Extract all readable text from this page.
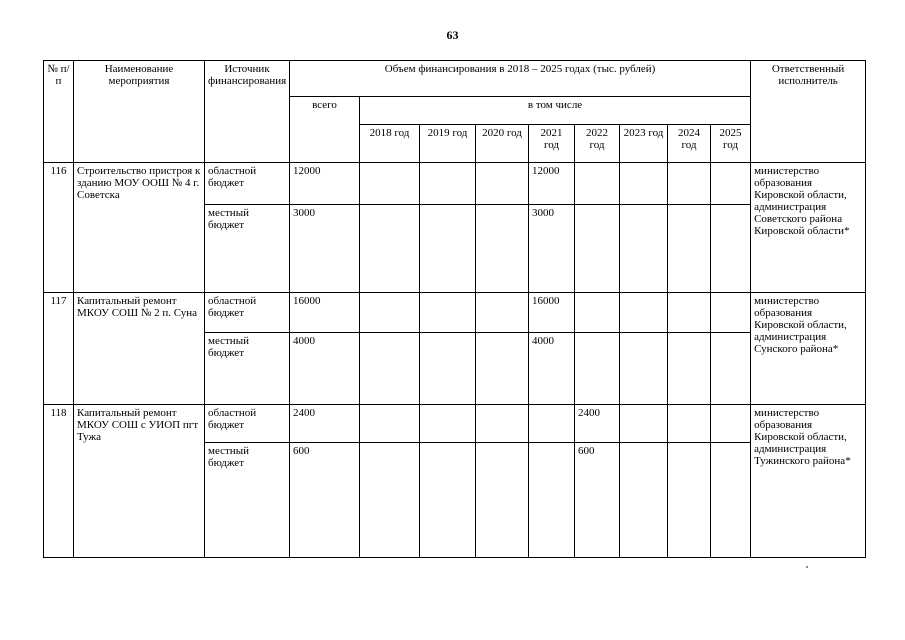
63
№ п/п	Наименование мероприятия	Источник финансирования	Объем финансирования в 2018 – 2025 годах (тыс. рублей)									Ответственный исполнитель
			всего	в том числе								
				2018 год	2019 год	2020 год	2021 год	2022 год	2023 год	2024 год	2025 год	
116	Строительство пристроя к зданию МОУ ООШ № 4 г. Советска	областной бюджет	12000				12000					министерство образования Кировской области, администрация Советского района Кировской области*
		местный бюджет	3000				3000					
117	Капитальный ремонт МКОУ СОШ № 2 п. Суна	областной бюджет	16000				16000					министерство образования Кировской области, администрация Сунского района*
		местный бюджет	4000				4000					
118	Капитальный ремонт МКОУ СОШ с УИОП пгт Тужа	областной бюджет	2400					2400				министерство образования Кировской области, администрация Тужинского района*
		местный бюджет	600					600				
